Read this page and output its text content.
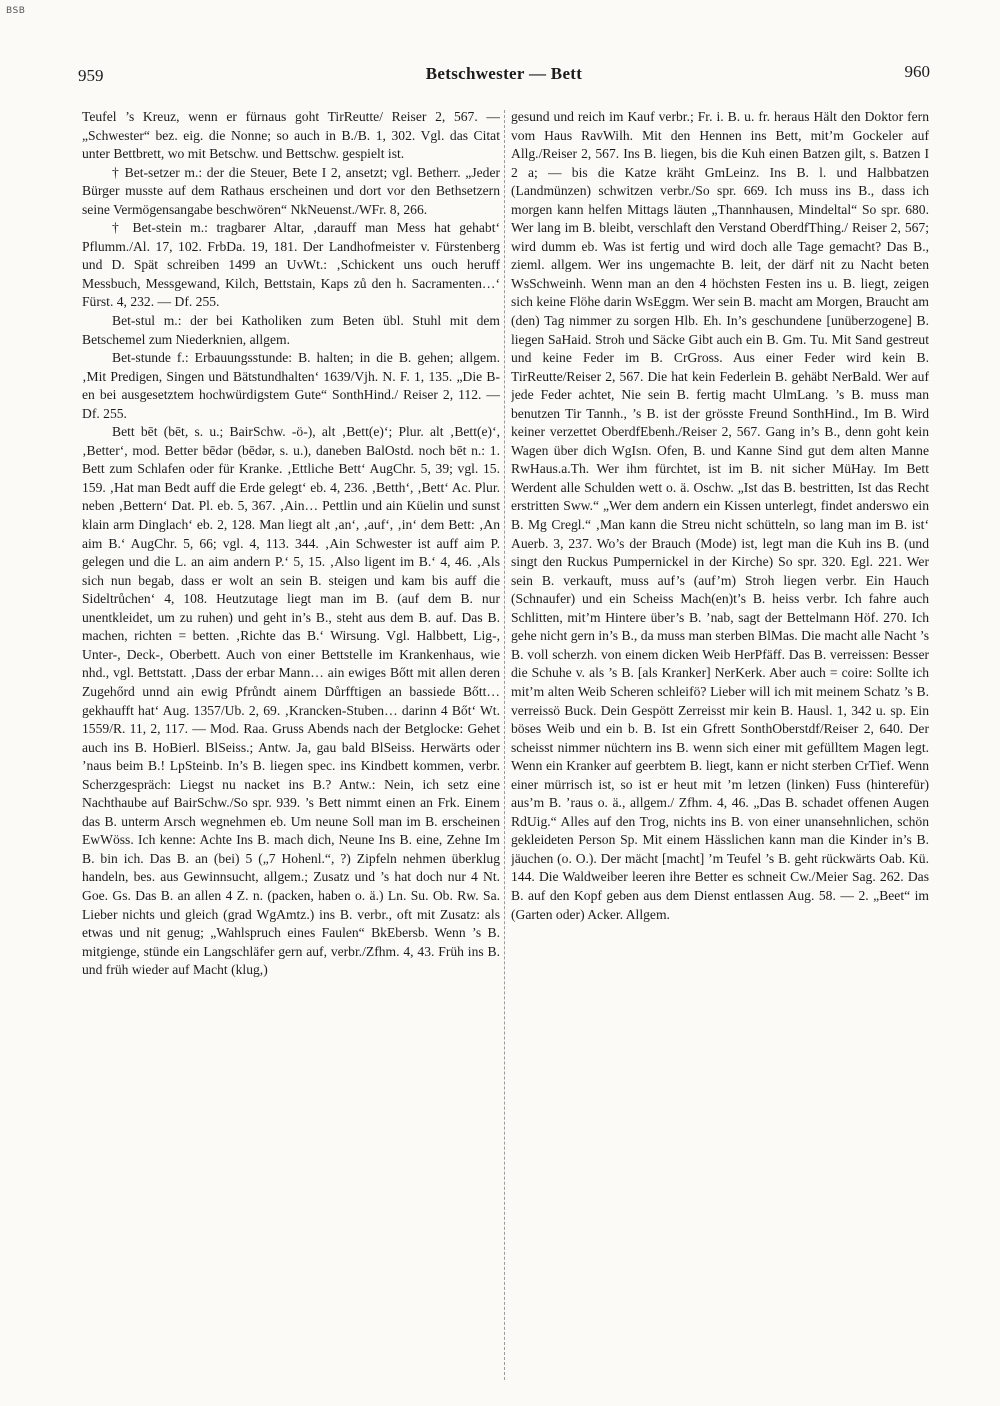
BSB
959	Betschwester — Bett	960

Teufel ’s Kreuz, wenn er fürnaus goht TirReutte/ Reiser 2, 567. — „Schwester“ bez. eig. die Nonne; so auch in B./B. 1, 302. Vgl. das Citat unter Bettbrett, wo mit Betschw. und Bettschw. gespielt ist.

† Bet-setzer m.: der die Steuer, Bete I 2, ansetzt; vgl. Betherr. „Jeder Bürger musste auf dem Rathaus erscheinen und dort vor den Bethsetzern seine Vermögensangabe beschwören“ NkNeuenst./WFr. 8, 266.

† Bet-stein m.: tragbarer Altar, ‚darauff man Mess hat gehabt‘ Pflumm./Al. 17, 102. FrbDa. 19, 181. Der Landhofmeister v. Fürstenberg und D. Spät schreiben 1499 an UvWt.: ‚Schickent uns ouch heruff Messbuch, Messgewand, Kilch, Bettstain, Kaps zů den h. Sacramenten…‘ Fürst. 4, 232. — Df. 255.

Bet-stul m.: der bei Katholiken zum Beten übl. Stuhl mit dem Betschemel zum Niederknien, allgem.

Bet-stunde f.: Erbauungsstunde: B. halten; in die B. gehen; allgem. ‚Mit Predigen, Singen und Bätstundhalten‘ 1639/Vjh. N. F. 1, 135. „Die B-en bei ausgesetztem hochwürdigstem Gute“ SonthHind./ Reiser 2, 112. — Df. 255.

Bett bēt (bēt, s. u.; BairSchw. -ö-), alt ‚Bett(e)‘; Plur. alt ‚Bett(e)‘, ‚Better‘, mod. Better bēdər (bēdər, s. u.), daneben BalOstd. noch bēt n.: 1. Bett zum Schlafen oder für Kranke. ‚Ettliche Bett‘ AugChr. 5, 39; vgl. 15. 159. ‚Hat man Bedt auff die Erde gelegt‘ eb. 4, 236. ‚Betth‘, ‚Bett‘ Ac. Plur. neben ‚Bettern‘ Dat. Pl. eb. 5, 367. ‚Ain… Pettlin und ain Küelin und sunst klain arm Dinglach‘ eb. 2, 128. Man liegt alt ‚an‘, ‚auf‘, ‚in‘ dem Bett: ‚An aim B.‘ AugChr. 5, 66; vgl. 4, 113. 344. ‚Ain Schwester ist auff aim P. gelegen und die L. an aim andern P.‘ 5, 15. ‚Also ligent im B.‘ 4, 46. ‚Als sich nun begab, dass er wolt an sein B. steigen und kam bis auff die Sideltrůchen‘ 4, 108. Heutzutage liegt man im B. (auf dem B. nur unentkleidet, um zu ruhen) und geht in’s B., steht aus dem B. auf. Das B. machen, richten = betten. ‚Richte das B.‘ Wirsung. Vgl. Halbbett, Lig-, Unter-, Deck-, Oberbett. Auch von einer Bettstelle im Krankenhaus, wie nhd., vgl. Bettstatt. ‚Dass der erbar Mann… ain ewiges Bőtt mit allen deren Zugehőrd unnd ain ewig Pfrůndt ainem Důrfftigen an bassiede Bőtt… gekhaufft hat‘ Aug. 1357/Ub. 2, 69. ‚Krancken-Stuben… darinn 4 Bőt‘ Wt. 1559/R. 11, 2, 117. — Mod. Raa. Gruss Abends nach der Betglocke: Gehet auch ins B. HoBierl. BlSeiss.; Antw. Ja, gau bald BlSeiss. Herwärts oder ’naus beim B.! LpSteinb. In’s B. liegen spec. ins Kindbett kommen, verbr. Scherzgespräch: Liegst nu nacket ins B.? Antw.: Nein, ich setz eine Nachthaube auf BairSchw./So spr. 939. ’s Bett nimmt einen an Frk. Einem das B. unterm Arsch wegnehmen eb. Um neune Soll man im B. erscheinen EwWöss. Ich kenne: Achte Ins B. mach dich, Neune Ins B. eine, Zehne Im B. bin ich. Das B. an (bei) 5 („7 Hohenl.“, ?) Zipfeln nehmen überklug handeln, bes. aus Gewinnsucht, allgem.; Zusatz und ’s hat doch nur 4 Nt. Goe. Gs. Das B. an allen 4 Z. n. (packen, haben o. ä.) Ln. Su. Ob. Rw. Sa. Lieber nichts und gleich (grad WgAmtz.) ins B. verbr., oft mit Zusatz: als etwas und nit genug; „Wahlspruch eines Faulen“ BkEbersb. Wenn ’s B. mitgienge, stünde ein Langschläfer gern auf, verbr./Zfhm. 4, 43. Früh ins B. und früh wieder auf Macht (klug,)

gesund und reich im Kauf verbr.; Fr. i. B. u. fr. heraus Hält den Doktor fern vom Haus RavWilh. Mit den Hennen ins Bett, mit’m Gockeler auf Allg./Reiser 2, 567. Ins B. liegen, bis die Kuh einen Batzen gilt, s. Batzen I 2 a; — bis die Katze kräht GmLeinz. Ins B. l. und Halbbatzen (Landmünzen) schwitzen verbr./So spr. 669. Ich muss ins B., dass ich morgen kann helfen Mittags läuten „Thannhausen, Mindeltal“ So spr. 680. Wer lang im B. bleibt, verschlaft den Verstand OberdfThing./ Reiser 2, 567; wird dumm eb. Was ist fertig und wird doch alle Tage gemacht? Das B., zieml. allgem. Wer ins ungemachte B. leit, der därf nit zu Nacht beten WsSchweinh. Wenn man an den 4 höchsten Festen ins u. B. liegt, zeigen sich keine Flöhe darin WsEggm. Wer sein B. macht am Morgen, Braucht am (den) Tag nimmer zu sorgen Hlb. Eh. In’s geschundene [unüberzogene] B. liegen SaHaid. Stroh und Säcke Gibt auch ein B. Gm. Tu. Mit Sand gestreut und keine Feder im B. CrGross. Aus einer Feder wird kein B. TirReutte/Reiser 2, 567. Die hat kein Federlein B. gehäbt NerBald. Wer auf jede Feder achtet, Nie sein B. fertig macht UlmLang. ’s B. muss man benutzen Tir Tannh., ’s B. ist der grösste Freund SonthHind., Im B. Wird keiner verzettet OberdfEbenh./Reiser 2, 567. Gang in’s B., denn goht kein Wagen über dich WgIsn. Ofen, B. und Kanne Sind gut dem alten Manne RwHaus.a.Th. Wer ihm fürchtet, ist im B. nit sicher MüHay. Im Bett Werdent alle Schulden wett o. ä. Oschw. „Ist das B. bestritten, Ist das Recht erstritten Sww.“ „Wer dem andern ein Kissen unterlegt, findet anderswo ein B. Mg Cregl.“ ‚Man kann die Streu nicht schütteln, so lang man im B. ist‘ Auerb. 3, 237. Wo’s der Brauch (Mode) ist, legt man die Kuh ins B. (und singt den Ruckus Pumpernickel in der Kirche) So spr. 320. Egl. 221. Wer sein B. verkauft, muss auf’s (auf’m) Stroh liegen verbr. Ein Hauch (Schnaufer) und ein Scheiss Mach(en)t’s B. heiss verbr. Ich fahre auch Schlitten, mit’m Hintere über’s B. ’nab, sagt der Bettelmann Höf. 270. Ich gehe nicht gern in’s B., da muss man sterben BlMas. Die macht alle Nacht ’s B. voll scherzh. von einem dicken Weib HerPfäff. Das B. verreissen: Besser die Schuhe v. als ’s B. [als Kranker] NerKerk. Aber auch = coire: Sollte ich mit’m alten Weib Scheren schleifö? Lieber will ich mit meinem Schatz ’s B. verreissö Buck. Dein Gespött Zerreisst mir kein B. Hausl. 1, 342 u. sp. Ein böses Weib und ein b. B. Ist ein Gfrett SonthOberstdf/Reiser 2, 640. Der scheisst nimmer nüchtern ins B. wenn sich einer mit gefülltem Magen legt. Wenn ein Kranker auf geerbtem B. liegt, kann er nicht sterben CrTief. Wenn einer mürrisch ist, so ist er heut mit ’m letzen (linken) Fuss (hinterefür) aus’m B. ’raus o. ä., allgem./ Zfhm. 4, 46. „Das B. schadet offenen Augen RdUig.“ Alles auf den Trog, nichts ins B. von einer unansehnlichen, schön gekleideten Person Sp. Mit einem Hässlichen kann man die Kinder in’s B. jäuchen (o. O.). Der mächt [macht] ’m Teufel ’s B. geht rückwärts Oab. Kü. 144. Die Waldweiber leeren ihre Better es schneit Cw./Meier Sag. 262. Das B. auf den Kopf geben aus dem Dienst entlassen Aug. 58. — 2. „Beet“ im (Garten oder) Acker. Allgem.
